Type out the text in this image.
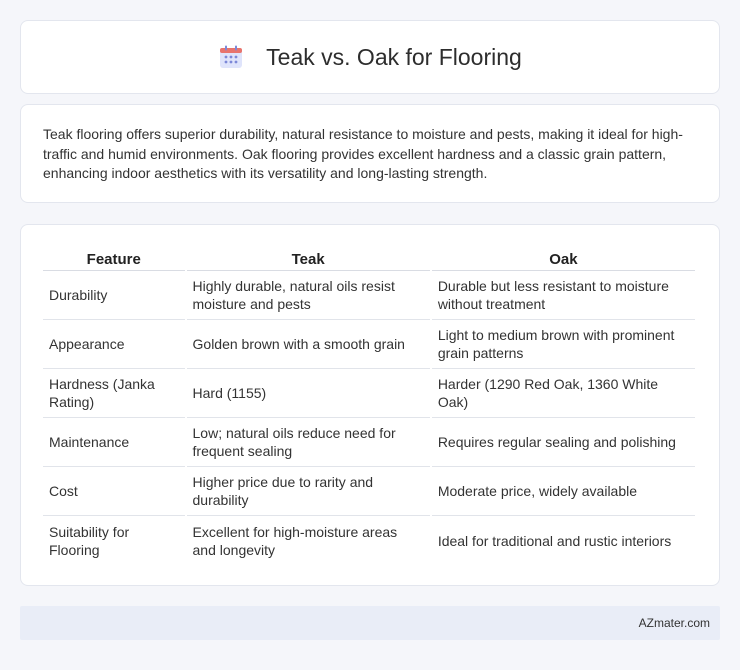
Teak vs. Oak for Flooring

Teak flooring offers superior durability, natural resistance to moisture and pests, making it ideal for high-traffic and humid environments. Oak flooring provides excellent hardness and a classic grain pattern, enhancing indoor aesthetics with its versatility and long-lasting strength.

Feature	Teak	Oak
Durability	Highly durable, natural oils resist moisture and pests	Durable but less resistant to moisture without treatment
Appearance	Golden brown with a smooth grain	Light to medium brown with prominent grain patterns
Hardness (Janka Rating)	Hard (1155)	Harder (1290 Red Oak, 1360 White Oak)
Maintenance	Low; natural oils reduce need for frequent sealing	Requires regular sealing and polishing
Cost	Higher price due to rarity and durability	Moderate price, widely available
Suitability for Flooring	Excellent for high-moisture areas and longevity	Ideal for traditional and rustic interiors
AZmater.com
